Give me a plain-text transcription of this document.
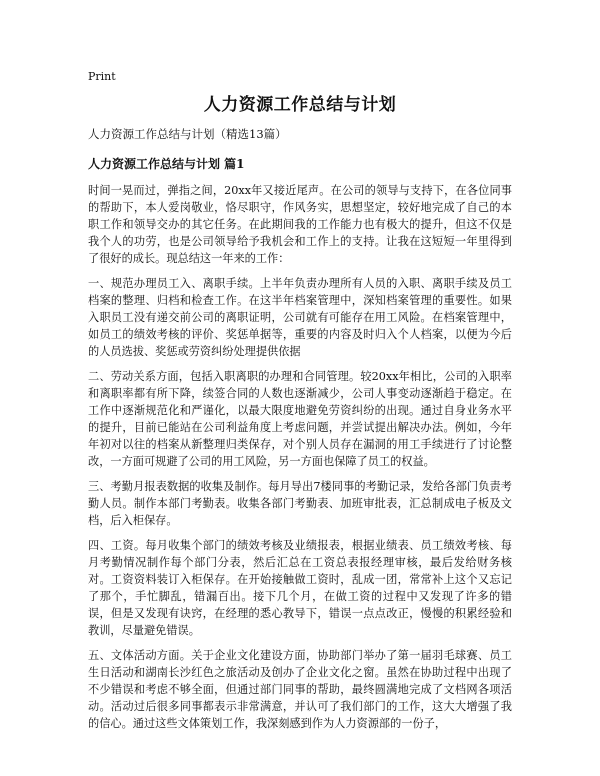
Print
人力资源工作总结与计划
人力资源工作总结与计划（精选13篇）
人力资源工作总结与计划 篇1

时间一晃而过，弹指之间，20xx年又接近尾声。在公司的领导与支持下，在各位同事的帮助下，本人爱岗敬业，恪尽职守，作风务实，思想坚定，较好地完成了自己的本职工作和领导交办的其它任务。在此期间我的工作能力也有极大的提升，但这不仅是我个人的功劳，也是公司领导给予我机会和工作上的支持。让我在这短短一年里得到了很好的成长。现总结这一年来的工作：

一、规范办理员工入、离职手续。上半年负责办理所有人员的入职、离职手续及员工档案的整理、归档和检查工作。在这半年档案管理中，深知档案管理的重要性。如果入职员工没有递交前公司的离职证明，公司就有可能存在用工风险。在档案管理中，如员工的绩效考核的评价、奖惩单据等，重要的内容及时归入个人档案，以便为今后的人员选拔、奖惩或劳资纠纷处理提供依据

二、劳动关系方面，包括入职离职的办理和合同管理。较20xx年相比，公司的入职率和离职率都有所下降，续签合同的人数也逐渐减少，公司人事变动逐渐趋于稳定。在工作中逐渐规范化和严谨化，以最大限度地避免劳资纠纷的出现。通过自身业务水平的提升，目前已能站在公司利益角度上考虑问题，并尝试提出解决办法。例如，今年年初对以往的档案从新整理归类保存，对个别人员存在漏洞的用工手续进行了讨论整改，一方面可规避了公司的用工风险，另一方面也保障了员工的权益。

三、考勤月报表数据的收集及制作。每月导出7楼同事的考勤记录，发给各部门负责考勤人员。制作本部门考勤表。收集各部门考勤表、加班审批表，汇总制成电子板及文档，后入柜保存。

四、工资。每月收集个部门的绩效考核及业绩报表，根据业绩表、员工绩效考核、每月考勤情况制作每个部门分表，然后汇总在工资总表报经理审核，最后发给财务核对。工资资料装订入柜保存。在开始接触做工资时，乱成一团，常常补上这个又忘记了那个，手忙脚乱，错漏百出。接下几个月，在做工资的过程中又发现了许多的错误，但是又发现有诀窍，在经理的悉心教导下，错误一点点改正，慢慢的积累经验和教训，尽量避免错误。

五、文体活动方面。关于企业文化建设方面，协助部门举办了第一届羽毛球赛、员工生日活动和湖南长沙红色之旅活动及创办了企业文化之窗。虽然在协助过程中出现了不少错误和考虑不够全面，但通过部门同事的帮助，最终圆满地完成了文档网各项活动。活动过后很多同事都表示非常满意，并认可了我们部门的工作，这大大增强了我的信心。通过这些文体策划工作，我深刻感到作为人力资源部的一份子，
